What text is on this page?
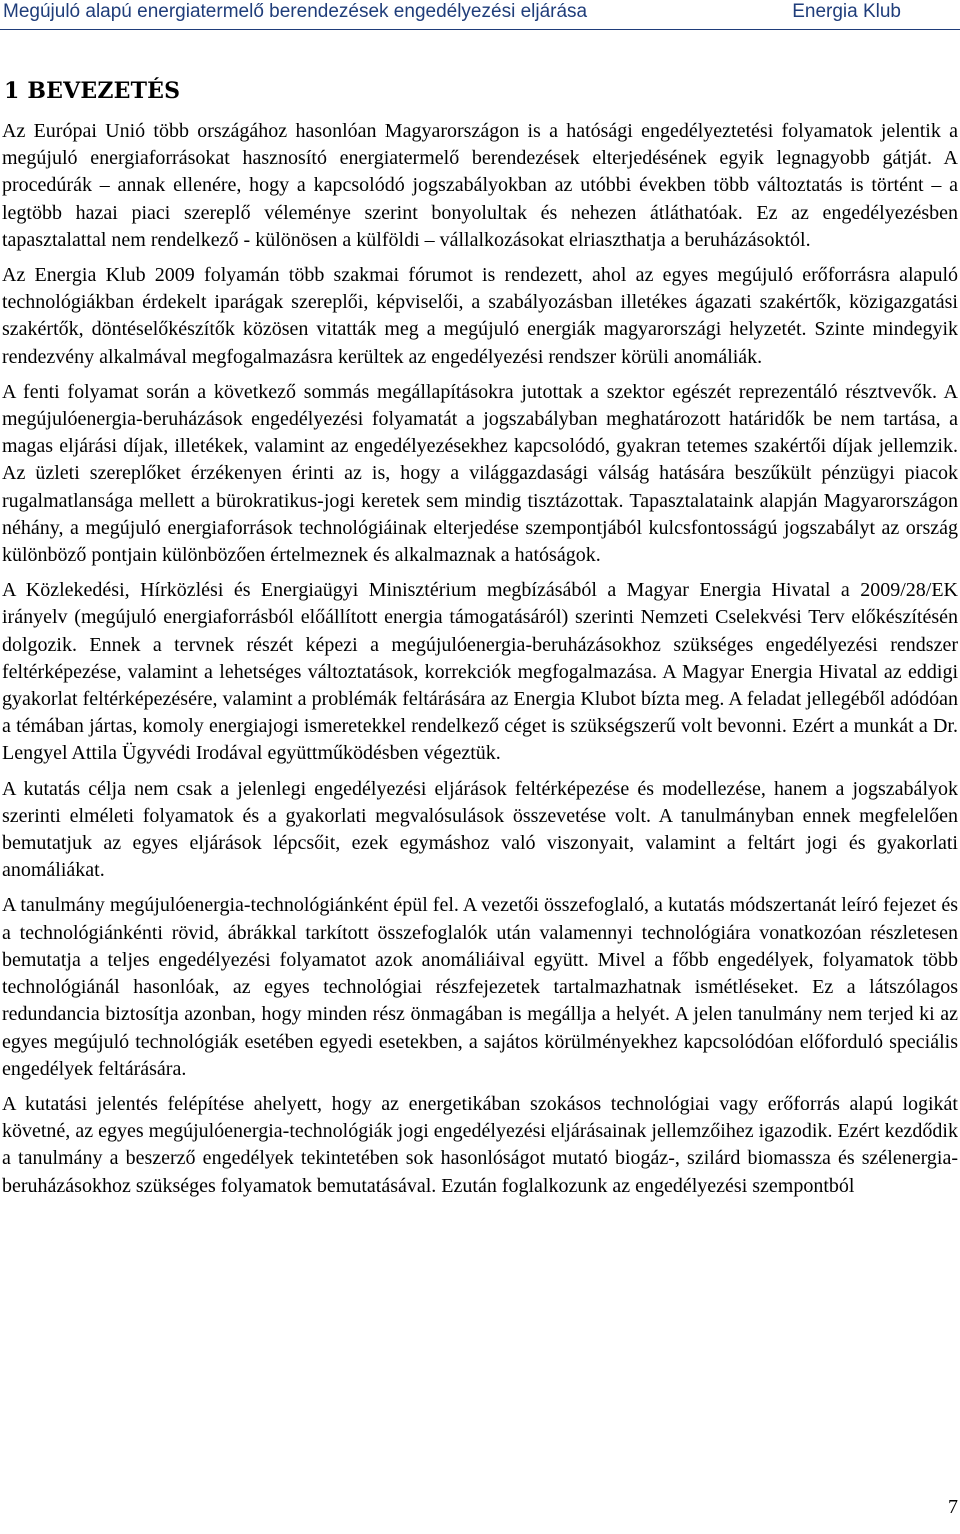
Megújuló alapú energiatermelő berendezések engedélyezési eljárása	Energia Klub
1 BEVEZETÉS

Az Európai Unió több országához hasonlóan Magyarországon is a hatósági engedélyeztetési folyamatok jelentik a megújuló energiaforrásokat hasznosító energiatermelő berendezések elterjedésének egyik legnagyobb gátját. A procedúrák – annak ellenére, hogy a kapcsolódó jogszabályokban az utóbbi években több változtatás is történt – a legtöbb hazai piaci szereplő véleménye szerint bonyolultak és nehezen átláthatóak. Ez az engedélyezésben tapasztalattal nem rendelkező - különösen a külföldi – vállalkozásokat elriaszthatja a beruházásoktól.

Az Energia Klub 2009 folyamán több szakmai fórumot is rendezett, ahol az egyes megújuló erőforrásra alapuló technológiákban érdekelt iparágak szereplői, képviselői, a szabályozásban illetékes ágazati szakértők, közigazgatási szakértők, döntéselőkészítők közösen vitatták meg a megújuló energiák magyarországi helyzetét. Szinte mindegyik rendezvény alkalmával megfogalmazásra kerültek az engedélyezési rendszer körüli anomáliák.

A fenti folyamat során a következő sommás megállapításokra jutottak a szektor egészét reprezentáló résztvevők. A megújulóenergia-beruházások engedélyezési folyamatát a jogszabályban meghatározott határidők be nem tartása, a magas eljárási díjak, illetékek, valamint az engedélyezésekhez kapcsolódó, gyakran tetemes szakértői díjak jellemzik. Az üzleti szereplőket érzékenyen érinti az is, hogy a világgazdasági válság hatására beszűkült pénzügyi piacok rugalmatlansága mellett a bürokratikus-jogi keretek sem mindig tisztázottak. Tapasztalataink alapján Magyarországon néhány, a megújuló energiaforrások technológiáinak elterjedése szempontjából kulcsfontosságú jogszabályt az ország különböző pontjain különbözően értelmeznek és alkalmaznak a hatóságok.

A Közlekedési, Hírközlési és Energiaügyi Minisztérium megbízásából a Magyar Energia Hivatal a 2009/28/EK irányelv (megújuló energiaforrásból előállított energia támogatásáról) szerinti Nemzeti Cselekvési Terv előkészítésén dolgozik. Ennek a tervnek részét képezi a megújulóenergia-beruházásokhoz szükséges engedélyezési rendszer feltérképezése, valamint a lehetséges változtatások, korrekciók megfogalmazása. A Magyar Energia Hivatal az eddigi gyakorlat feltérképezésére, valamint a problémák feltárására az Energia Klubot bízta meg. A feladat jellegéből adódóan a témában jártas, komoly energiajogi ismeretekkel rendelkező céget is szükségszerű volt bevonni. Ezért a munkát a Dr. Lengyel Attila Ügyvédi Irodával együttműködésben végeztük.

A kutatás célja nem csak a jelenlegi engedélyezési eljárások feltérképezése és modellezése, hanem a jogszabályok szerinti elméleti folyamatok és a gyakorlati megvalósulások összevetése volt. A tanulmányban ennek megfelelően bemutatjuk az egyes eljárások lépcsőit, ezek egymáshoz való viszonyait, valamint a feltárt jogi és gyakorlati anomáliákat.

A tanulmány megújulóenergia-technológiánként épül fel. A vezetői összefoglaló, a kutatás módszertanát leíró fejezet és a technológiánkénti rövid, ábrákkal tarkított összefoglalók után valamennyi technológiára vonatkozóan részletesen bemutatja a teljes engedélyezési folyamatot azok anomáliáival együtt. Mivel a főbb engedélyek, folyamatok több technológiánál hasonlóak, az egyes technológiai részfejezetek tartalmazhatnak ismétléseket. Ez a látszólagos redundancia biztosítja azonban, hogy minden rész önmagában is megállja a helyét. A jelen tanulmány nem terjed ki az egyes megújuló technológiák esetében egyedi esetekben, a sajátos körülményekhez kapcsolódóan előforduló speciális engedélyek feltárására.

A kutatási jelentés felépítése ahelyett, hogy az energetikában szokásos technológiai vagy erőforrás alapú logikát követné, az egyes megújulóenergia-technológiák jogi engedélyezési eljárásainak jellemzőihez igazodik. Ezért kezdődik a tanulmány a beszerző engedélyek tekintetében sok hasonlóságot mutató biogáz-, szilárd biomassza és szélenergia-beruházásokhoz szükséges folyamatok bemutatásával. Ezután foglalkozunk az engedélyezési szempontból

7
